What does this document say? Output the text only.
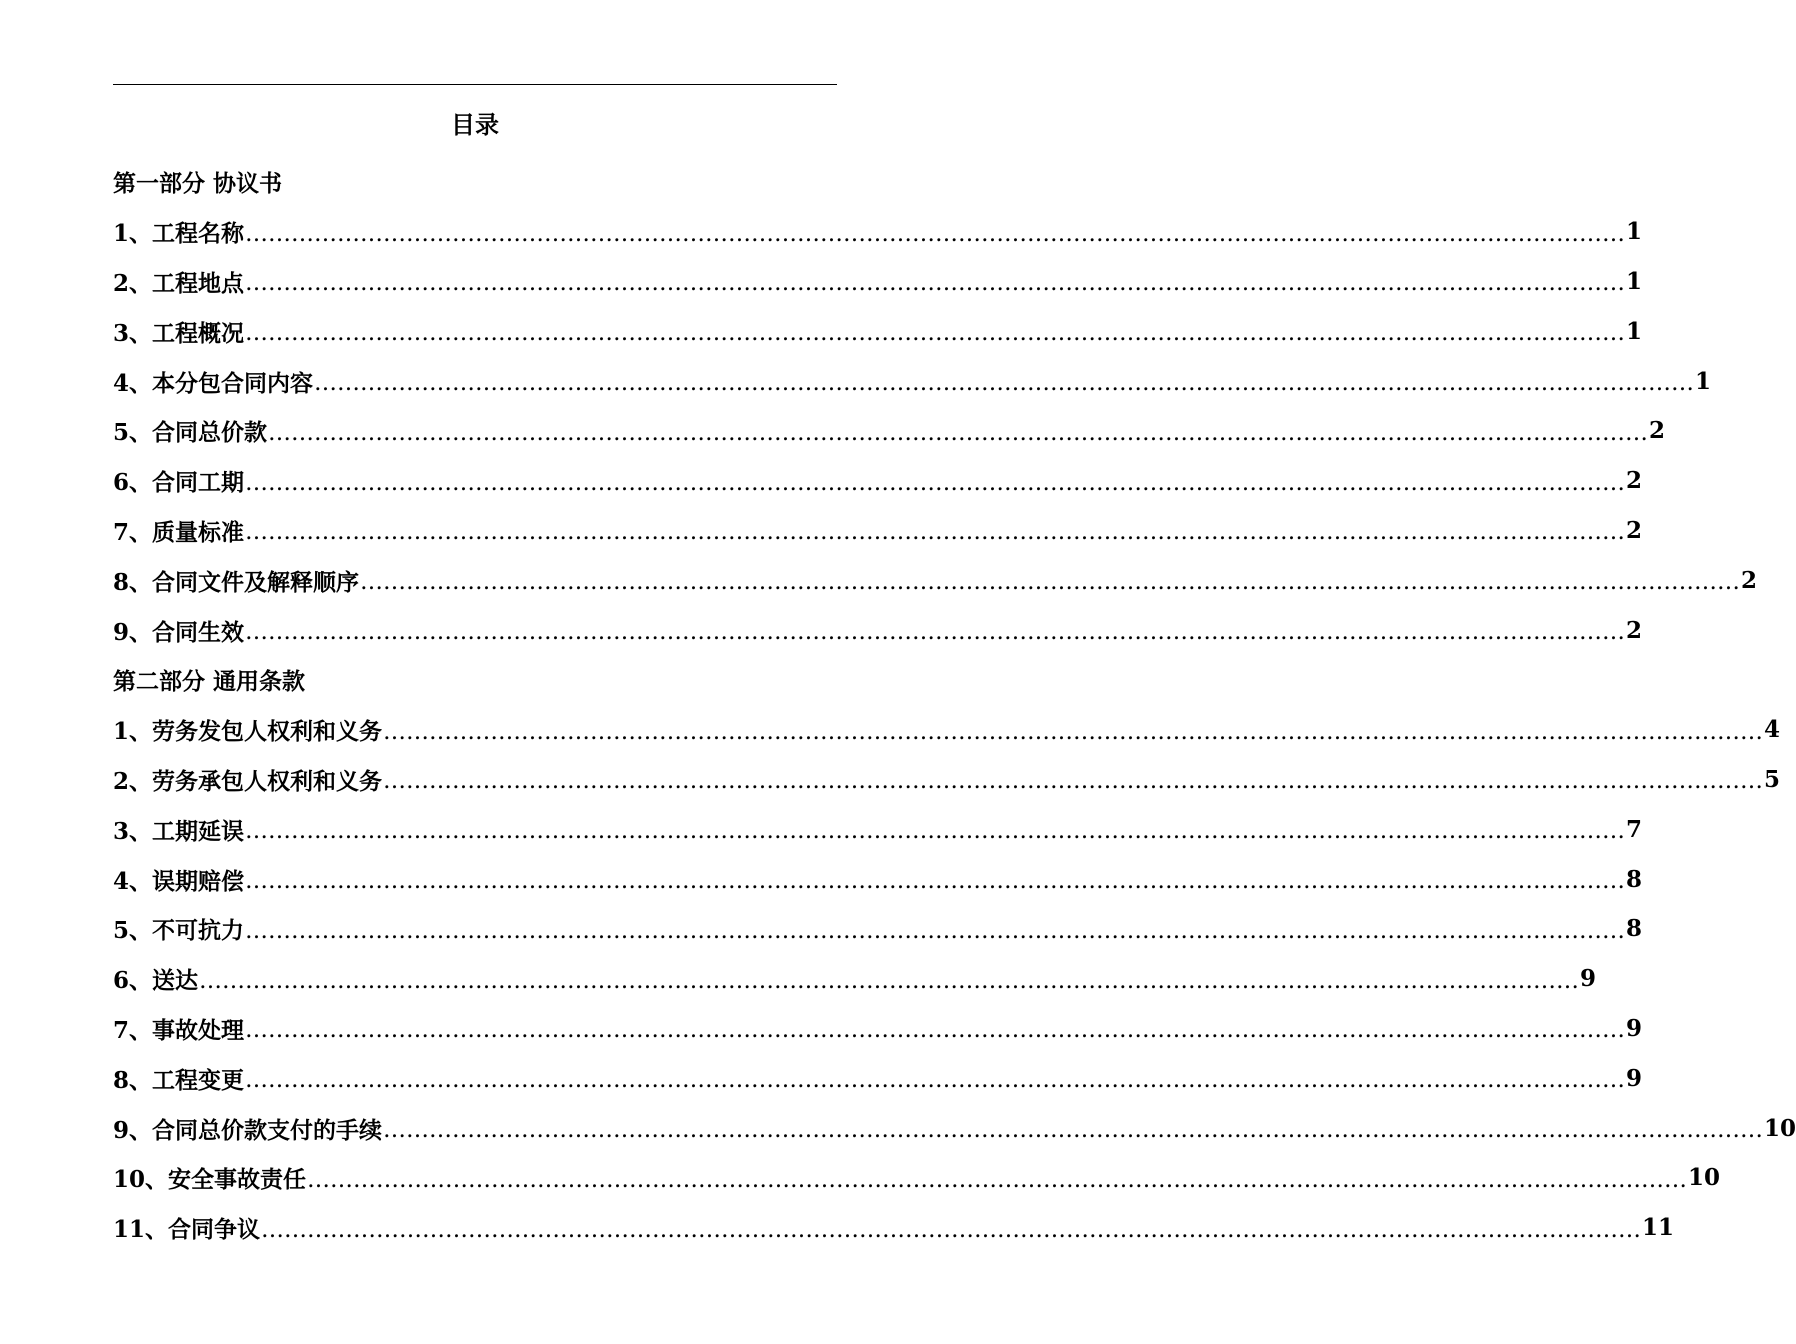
目录
第一部分 协议书
1、工程名称 ……………………………………………………………………………………………………………………………………………………………… 1
2、工程地点 ……………………………………………………………………………………………………………………………………………………………… 1
3、工程概况 ……………………………………………………………………………………………………………………………………………………………… 1
4、本分包合同内容 ……………………………………………………………………………………………………………………………………………………………… 1
5、合同总价款 ……………………………………………………………………………………………………………………………………………………………… 2
6、合同工期 ……………………………………………………………………………………………………………………………………………………………… 2
7、质量标准 ……………………………………………………………………………………………………………………………………………………………… 2
8、合同文件及解释顺序 ……………………………………………………………………………………………………………………………………………………………… 2
9、合同生效 ……………………………………………………………………………………………………………………………………………………………… 2
第二部分 通用条款
1、劳务发包人权利和义务 ……………………………………………………………………………………………………………………………………………………………… 4
2、劳务承包人权利和义务 ……………………………………………………………………………………………………………………………………………………………… 5
3、工期延误 ……………………………………………………………………………………………………………………………………………………………… 7
4、误期赔偿 ……………………………………………………………………………………………………………………………………………………………… 8
5、不可抗力 ……………………………………………………………………………………………………………………………………………………………… 8
6、送达 ……………………………………………………………………………………………………………………………………………………………… 9
7、事故处理 ……………………………………………………………………………………………………………………………………………………………… 9
8、工程变更 ……………………………………………………………………………………………………………………………………………………………… 9
9、合同总价款支付的手续 ……………………………………………………………………………………………………………………………………………………………… 10
10、安全事故责任 ……………………………………………………………………………………………………………………………………………………………… 10
11、合同争议 ……………………………………………………………………………………………………………………………………………………………… 11
